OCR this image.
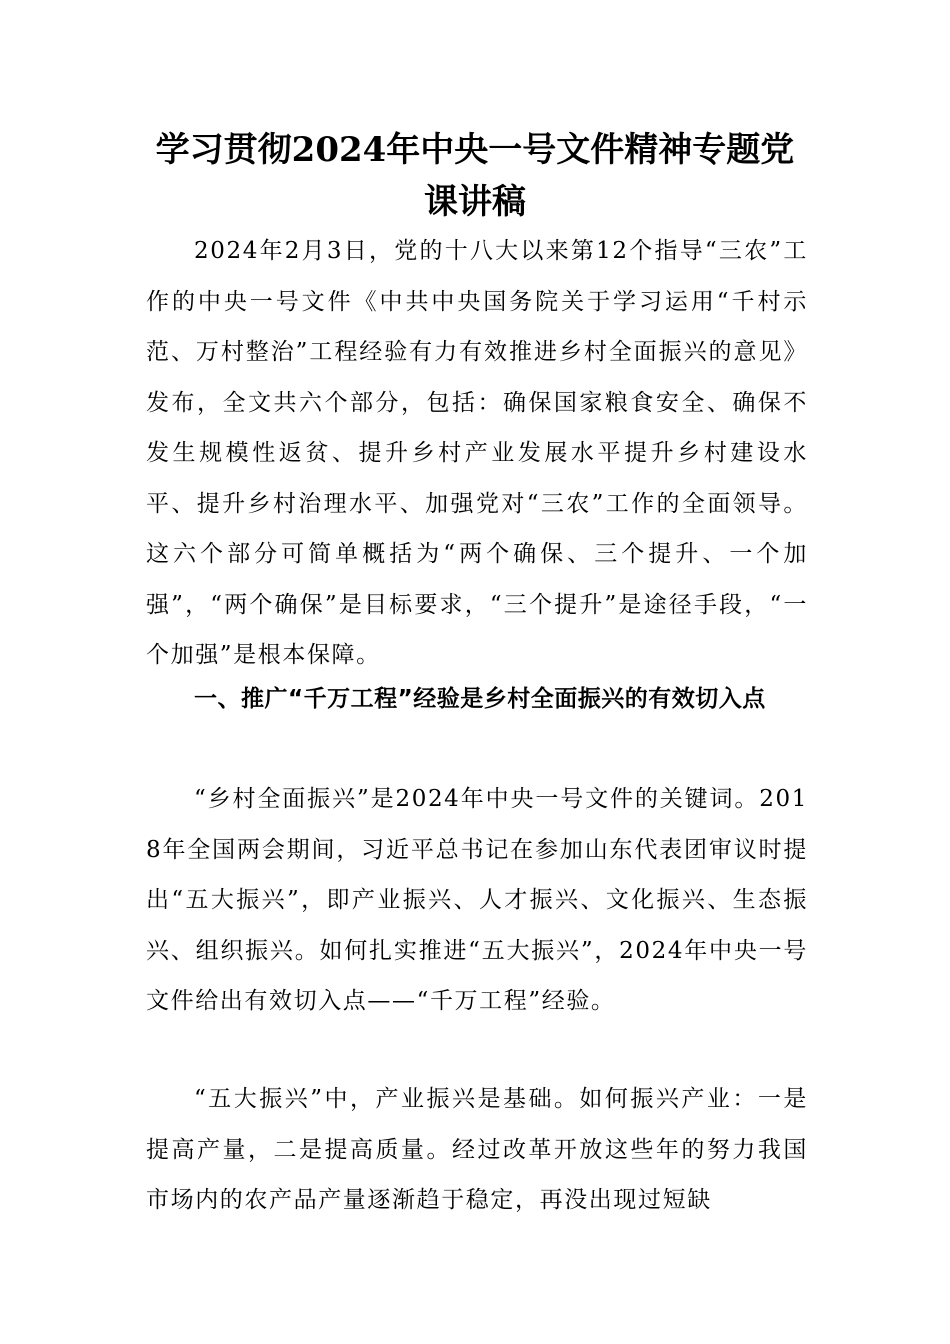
学习贯彻2024年中央一号文件精神专题党课讲稿

2024年2月3日，党的十八大以来第12个指导“三农”工作的中央一号文件《中共中央国务院关于学习运用“千村示范、万村整治”工程经验有力有效推进乡村全面振兴的意见》发布，全文共六个部分，包括：确保国家粮食安全、确保不发生规模性返贫、提升乡村产业发展水平提升乡村建设水平、提升乡村治理水平、加强党对“三农”工作的全面领导。这六个部分可简单概括为“两个确保、三个提升、一个加强”，“两个确保”是目标要求，“三个提升”是途径手段，“一个加强”是根本保障。

一、推广“千万工程”经验是乡村全面振兴的有效切入点

“乡村全面振兴”是2024年中央一号文件的关键词。2018年全国两会期间，习近平总书记在参加山东代表团审议时提出“五大振兴”，即产业振兴、人才振兴、文化振兴、生态振兴、组织振兴。如何扎实推进“五大振兴”，2024年中央一号文件给出有效切入点——“千万工程”经验。

“五大振兴”中，产业振兴是基础。如何振兴产业：一是提高产量，二是提高质量。经过改革开放这些年的努力我国市场内的农产品产量逐渐趋于稳定，再没出现过短缺
